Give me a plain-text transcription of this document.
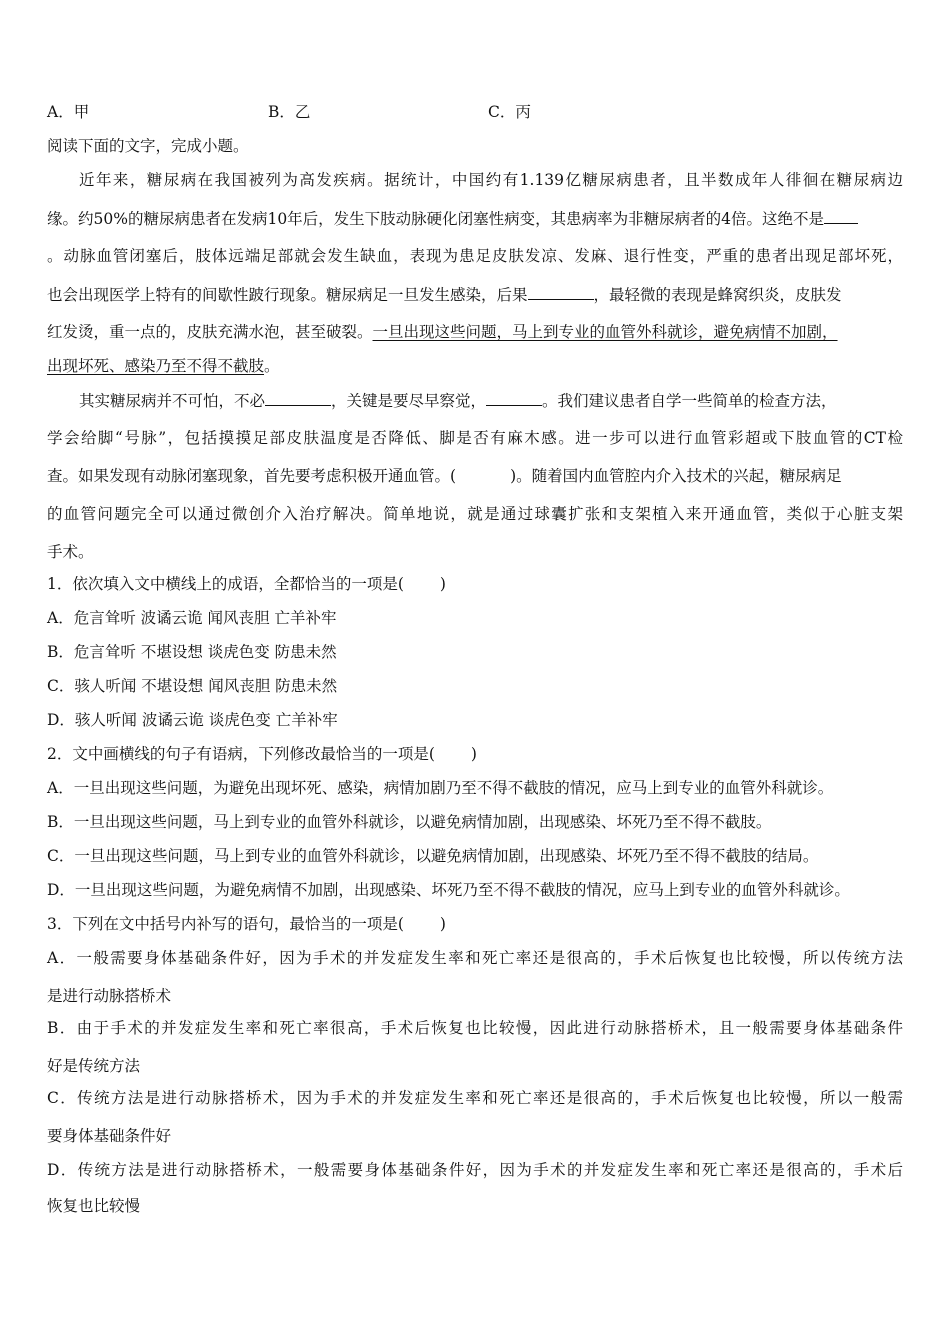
A．甲	B．乙	C．丙
阅读下面的文字，完成小题。
近年来，糖尿病在我国被列为高发疾病。据统计，中国约有1.139亿糖尿病患者，且半数成年人徘徊在糖尿病边
缘。约50%的糖尿病患者在发病10年后，发生下肢动脉硬化闭塞性病变，其患病率为非糖尿病者的4倍。这绝不是
。动脉血管闭塞后，肢体远端足部就会发生缺血，表现为患足皮肤发凉、发麻、退行性变，严重的患者出现足部坏死，
也会出现医学上特有的间歇性跛行现象。糖尿病足一旦发生感染，后果	，最轻微的表现是蜂窝织炎，皮肤发
红发烫，重一点的，皮肤充满水泡，甚至破裂。一旦出现这些问题，马上到专业的血管外科就诊，避免病情不加剧，
出现坏死、感染乃至不得不截肢。
其实糖尿病并不可怕，不必	，关键是要尽早察觉，	。我们建议患者自学一些简单的检查方法，
学会给脚“号脉”，包括摸摸足部皮肤温度是否降低、脚是否有麻木感。进一步可以进行血管彩超或下肢血管的CT检
查。如果发现有动脉闭塞现象，首先要考虑积极开通血管。(	)。随着国内血管腔内介入技术的兴起，糖尿病足
的血管问题完全可以通过微创介入治疗解决。简单地说，就是通过球囊扩张和支架植入来开通血管，类似于心脏支架
手术。
1．依次填入文中横线上的成语，全都恰当的一项是( )
A．危言耸听 波谲云诡 闻风丧胆 亡羊补牢
B．危言耸听 不堪设想 谈虎色变 防患未然
C．骇人听闻 不堪设想 闻风丧胆 防患未然
D．骇人听闻 波谲云诡 谈虎色变 亡羊补牢
2．文中画横线的句子有语病，下列修改最恰当的一项是( )
A．一旦出现这些问题，为避免出现坏死、感染，病情加剧乃至不得不截肢的情况，应马上到专业的血管外科就诊。
B．一旦出现这些问题，马上到专业的血管外科就诊，以避免病情加剧，出现感染、坏死乃至不得不截肢。
C．一旦出现这些问题，马上到专业的血管外科就诊，以避免病情加剧，出现感染、坏死乃至不得不截肢的结局。
D．一旦出现这些问题，为避免病情不加剧，出现感染、坏死乃至不得不截肢的情况，应马上到专业的血管外科就诊。
3．下列在文中括号内补写的语句，最恰当的一项是( )
A．一般需要身体基础条件好，因为手术的并发症发生率和死亡率还是很高的，手术后恢复也比较慢，所以传统方法
是进行动脉搭桥术
B．由于手术的并发症发生率和死亡率很高，手术后恢复也比较慢，因此进行动脉搭桥术，且一般需要身体基础条件
好是传统方法
C．传统方法是进行动脉搭桥术，因为手术的并发症发生率和死亡率还是很高的，手术后恢复也比较慢，所以一般需
要身体基础条件好
D．传统方法是进行动脉搭桥术，一般需要身体基础条件好，因为手术的并发症发生率和死亡率还是很高的，手术后
恢复也比较慢
